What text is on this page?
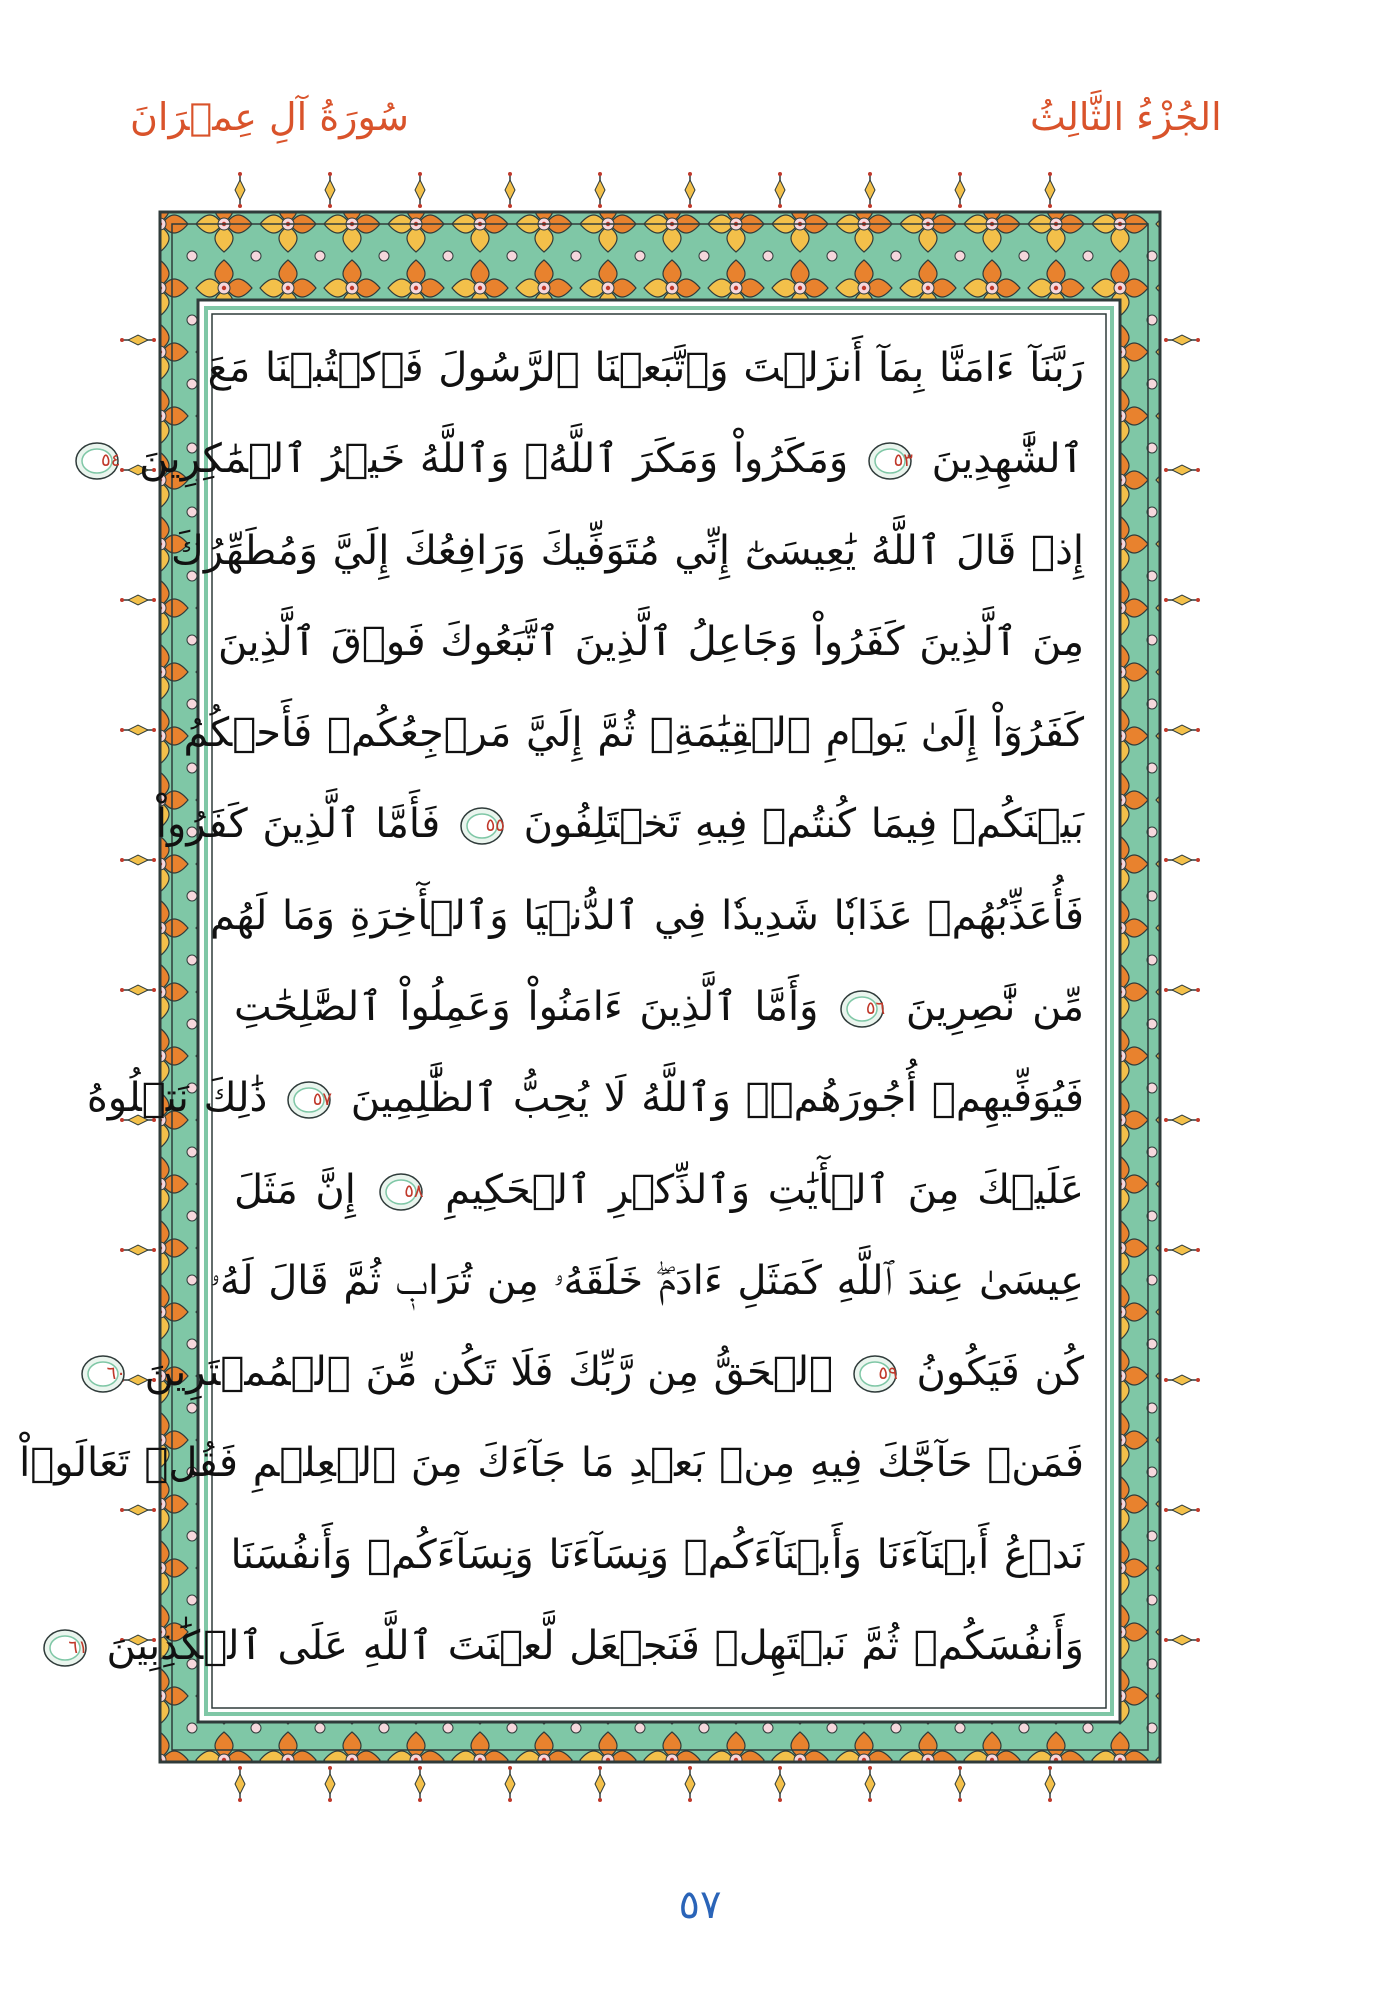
الجُزْءُ الثَّالِثُ
سُورَةُ آلِ عِمۡرَانَ
رَبَّنَآ ءَامَنَّا بِمَآ أَنزَلۡتَ وَٱتَّبَعۡنَا ٱلرَّسُولَ فَٱكۡتُبۡنَا مَعَ
ٱلشَّٰهِدِينَ
٥٣
وَمَكَرُواْ وَمَكَرَ ٱللَّهُۖ وَٱللَّهُ خَيۡرُ ٱلۡمَٰكِرِينَ
٥٤
إِذۡ قَالَ ٱللَّهُ يَٰعِيسَىٰٓ إِنِّي مُتَوَفِّيكَ وَرَافِعُكَ إِلَيَّ وَمُطَهِّرُكَ
مِنَ ٱلَّذِينَ كَفَرُواْ وَجَاعِلُ ٱلَّذِينَ ٱتَّبَعُوكَ فَوۡقَ ٱلَّذِينَ
كَفَرُوٓاْ إِلَىٰ يَوۡمِ ٱلۡقِيَٰمَةِۖ ثُمَّ إِلَيَّ مَرۡجِعُكُمۡ فَأَحۡكُمُ
بَيۡنَكُمۡ فِيمَا كُنتُمۡ فِيهِ تَخۡتَلِفُونَ
٥٥
فَأَمَّا ٱلَّذِينَ كَفَرُواْ
فَأُعَذِّبُهُمۡ عَذَابٗا شَدِيدٗا فِي ٱلدُّنۡيَا وَٱلۡأٓخِرَةِ وَمَا لَهُم
مِّن نَّٰصِرِينَ
٥٦
وَأَمَّا ٱلَّذِينَ ءَامَنُواْ وَعَمِلُواْ ٱلصَّٰلِحَٰتِ
فَيُوَفِّيهِمۡ أُجُورَهُمۡۗ وَٱللَّهُ لَا يُحِبُّ ٱلظَّٰلِمِينَ
٥٧
ذَٰلِكَ نَتۡلُوهُ
عَلَيۡكَ مِنَ ٱلۡأٓيَٰتِ وَٱلذِّكۡرِ ٱلۡحَكِيمِ
٥٨
إِنَّ مَثَلَ
عِيسَىٰ عِندَ ٱللَّهِ كَمَثَلِ ءَادَمَۖ خَلَقَهُۥ مِن تُرَابٖ ثُمَّ قَالَ لَهُۥ
كُن فَيَكُونُ
٥٩
ٱلۡحَقُّ مِن رَّبِّكَ فَلَا تَكُن مِّنَ ٱلۡمُمۡتَرِينَ
٦٠
فَمَنۡ حَآجَّكَ فِيهِ مِنۢ بَعۡدِ مَا جَآءَكَ مِنَ ٱلۡعِلۡمِ فَقُلۡ تَعَالَوۡاْ
نَدۡعُ أَبۡنَآءَنَا وَأَبۡنَآءَكُمۡ وَنِسَآءَنَا وَنِسَآءَكُمۡ وَأَنفُسَنَا
وَأَنفُسَكُمۡ ثُمَّ نَبۡتَهِلۡ فَنَجۡعَل لَّعۡنَتَ ٱللَّهِ عَلَى ٱلۡكَٰذِبِينَ
٦١
٥٧
